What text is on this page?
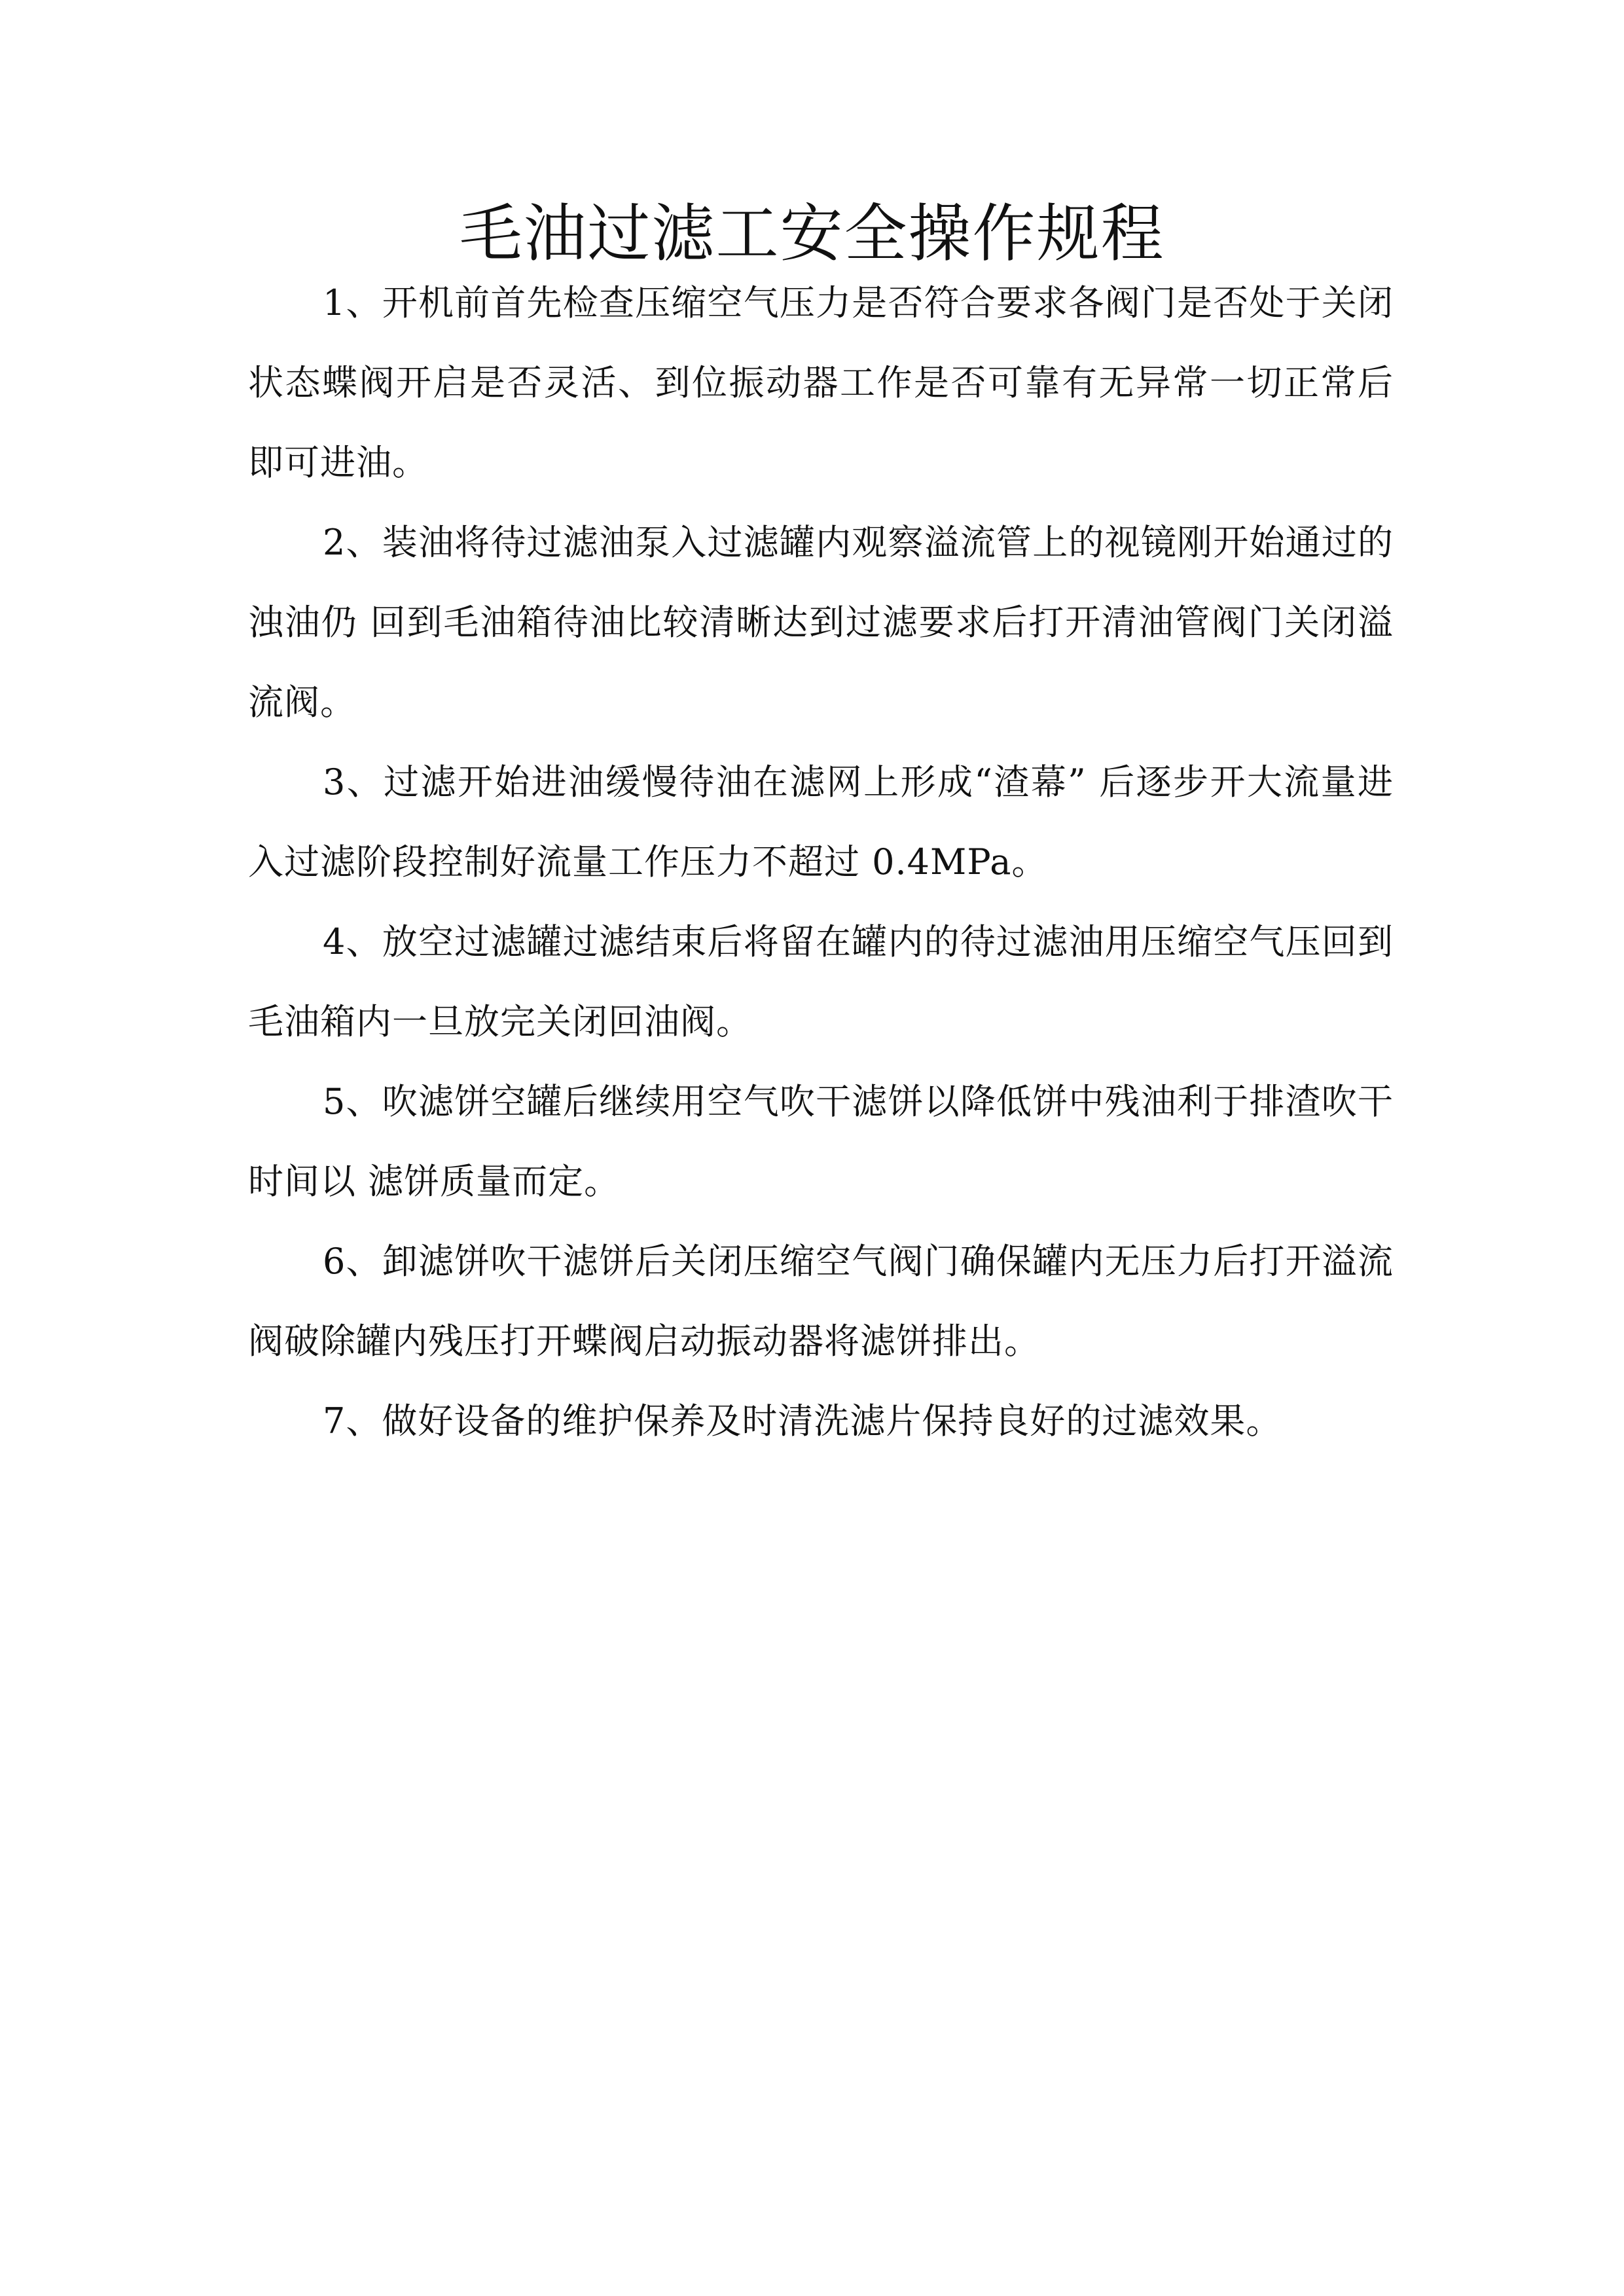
毛油过滤工安全操作规程

1、开机前首先检查压缩空气压力是否符合要求各阀门是否处于关闭状态蝶阀开启是否灵活、到位振动器工作是否可靠有无异常一切正常后即可进油。

2、装油将待过滤油泵入过滤罐内观察溢流管上的视镜刚开始通过的浊油仍 回到毛油箱待油比较清晰达到过滤要求后打开清油管阀门关闭溢流阀。

3、过滤开始进油缓慢待油在滤网上形成“渣幕” 后逐步开大流量进入过滤阶段控制好流量工作压力不超过 0.4MPa。

4、放空过滤罐过滤结束后将留在罐内的待过滤油用压缩空气压回到毛油箱内一旦放完关闭回油阀。

5、吹滤饼空罐后继续用空气吹干滤饼以降低饼中残油利于排渣吹干时间以 滤饼质量而定。

6、卸滤饼吹干滤饼后关闭压缩空气阀门确保罐内无压力后打开溢流阀破除罐内残压打开蝶阀启动振动器将滤饼排出。

7、做好设备的维护保养及时清洗滤片保持良好的过滤效果。
